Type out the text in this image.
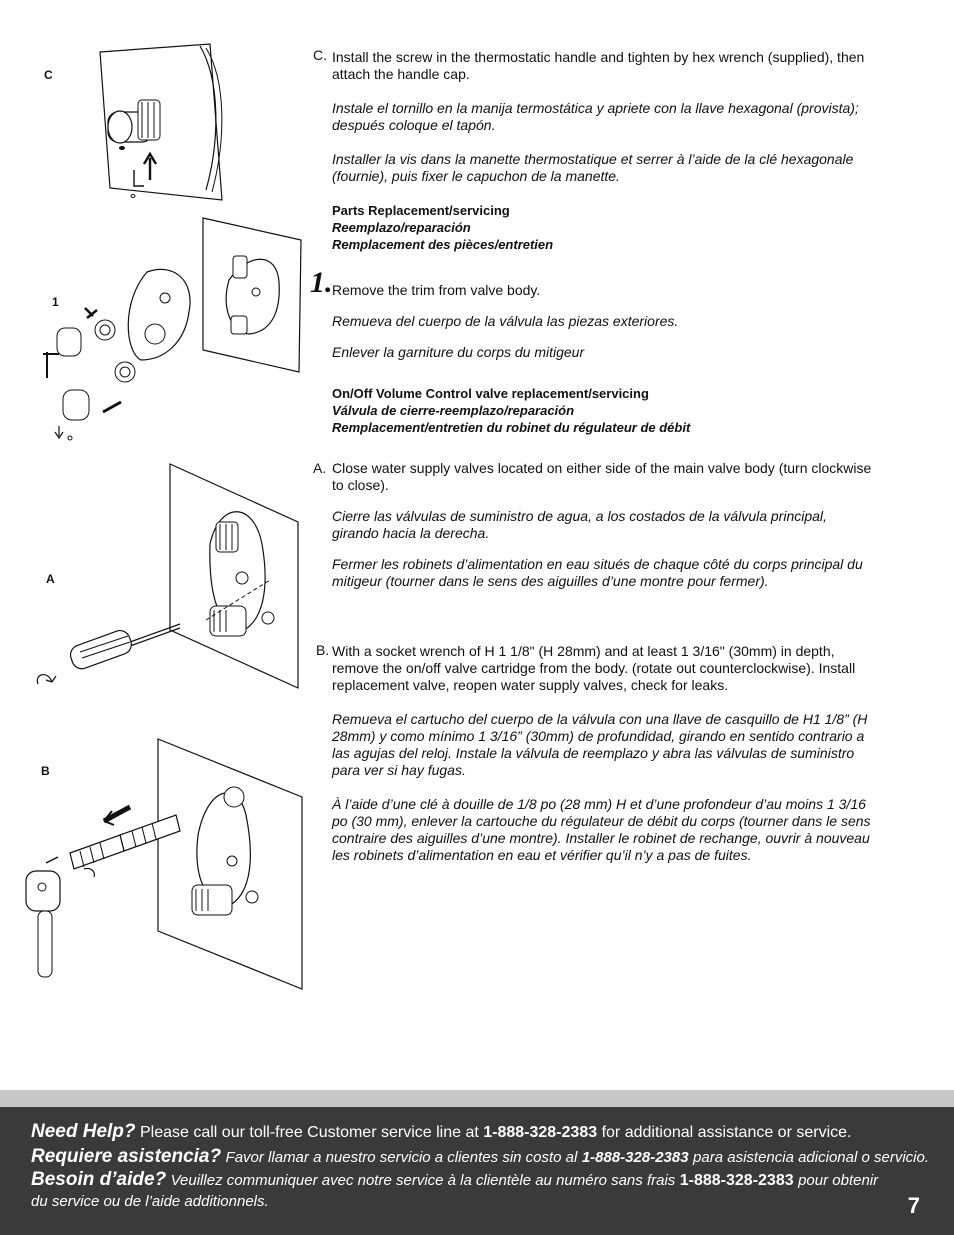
C
1
A
B
C. Install the screw in the thermostatic handle and tighten by hex wrench (supplied), then attach the handle cap.

Instale el tornillo en la manija termostática y apriete con la llave hexagonal (provista); después coloque el tapón.

Installer la vis dans la manette thermostatique et serrer à l’aide de la clé hexagonale (fournie), puis fixer le capuchon de la manette.

Parts Replacement/servicing

Reemplazo/reparación

Remplacement des pièces/entretien

1. Remove the trim from valve body.

Remueva del cuerpo de la válvula las piezas exteriores.

Enlever la garniture du corps du mitigeur

On/Off Volume Control valve replacement/servicing

Válvula de cierre-reemplazo/reparación

Remplacement/entretien du robinet du régulateur de débit

A. Close water supply valves located on either side of the main valve body (turn clockwise to close).

Cierre las válvulas de suministro de agua, a los costados de la válvula principal, girando hacia la derecha.

Fermer les robinets d’alimentation en eau situés de chaque côté du corps principal du mitigeur (tourner dans le sens des aiguilles d’une montre pour fermer).

B. With a socket wrench of H 1 1/8" (H 28mm) and at least 1 3/16" (30mm) in depth, remove the on/off valve cartridge from the body. (rotate out counterclockwise). Install replacement valve, reopen water supply valves, check for leaks.

Remueva el cartucho del cuerpo de la válvula con una llave de casquillo de H1 1/8” (H 28mm) y como mínimo 1 3/16” (30mm) de profundidad, girando en sentido contrario a las agujas del reloj. Instale la válvula de reemplazo y abra las válvulas de suministro para ver si hay fugas.

À l’aide d’une clé à douille de 1/8 po (28 mm) H et d’une profondeur d’au moins 1 3/16 po (30 mm), enlever la cartouche du régulateur de débit du corps (tourner dans le sens contraire des aiguilles d’une montre). Installer le robinet de rechange, ouvrir à nouveau les robinets d’alimentation en eau et vérifier qu’il n’y a pas de fuites.

Need Help? Please call our toll-free Customer service line at 1-888-328-2383 for additional assistance or service.
Requiere asistencia? Favor llamar a nuestro servicio a clientes sin costo al 1-888-328-2383 para asistencia adicional o servicio.
Besoin d’aide? Veuillez communiquer avec notre service à la clientèle au numéro sans frais 1-888-328-2383 pour obtenir du service ou de l’aide additionnels.	7
